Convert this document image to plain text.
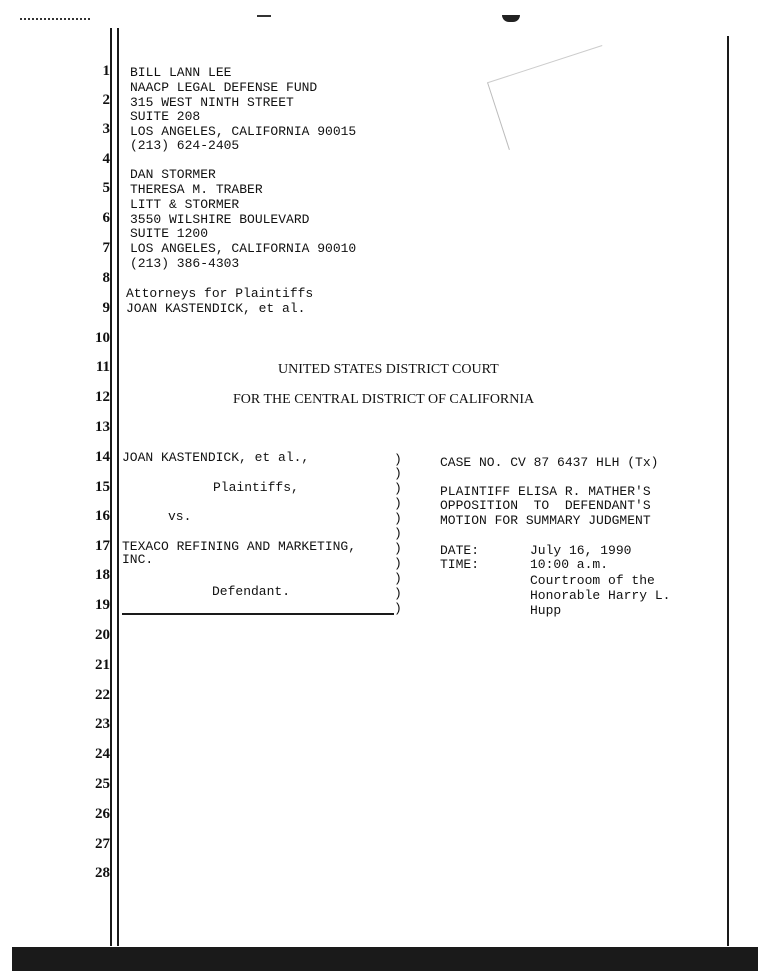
1
2
3
4
5
6
7
8
9
10
11
12
13
14
15
16
17
18
19
20
21
22
23
24
25
26
27
28
BILL LANN LEE
NAACP LEGAL DEFENSE FUND
315 WEST NINTH STREET
SUITE 208
LOS ANGELES, CALIFORNIA 90015
(213) 624-2405
DAN STORMER
THERESA M. TRABER
LITT & STORMER
3550 WILSHIRE BOULEVARD
SUITE 1200
LOS ANGELES, CALIFORNIA 90010
(213) 386-4303
Attorneys for Plaintiffs
JOAN KASTENDICK, et al.
UNITED STATES DISTRICT COURT
FOR THE CENTRAL DISTRICT OF CALIFORNIA
JOAN KASTENDICK, et al.,
Plaintiffs,
vs.
TEXACO REFINING AND MARKETING,
INC.
Defendant.
)
)
)
)
)
)
)
)
)
)
)
CASE NO. CV 87 6437 HLH (Tx)
PLAINTIFF ELISA R. MATHER'S
OPPOSITION  TO  DEFENDANT'S
MOTION FOR SUMMARY JUDGMENT
DATE:	July 16, 1990
TIME:	10:00 a.m.
Courtroom of the
Honorable Harry L.
Hupp
